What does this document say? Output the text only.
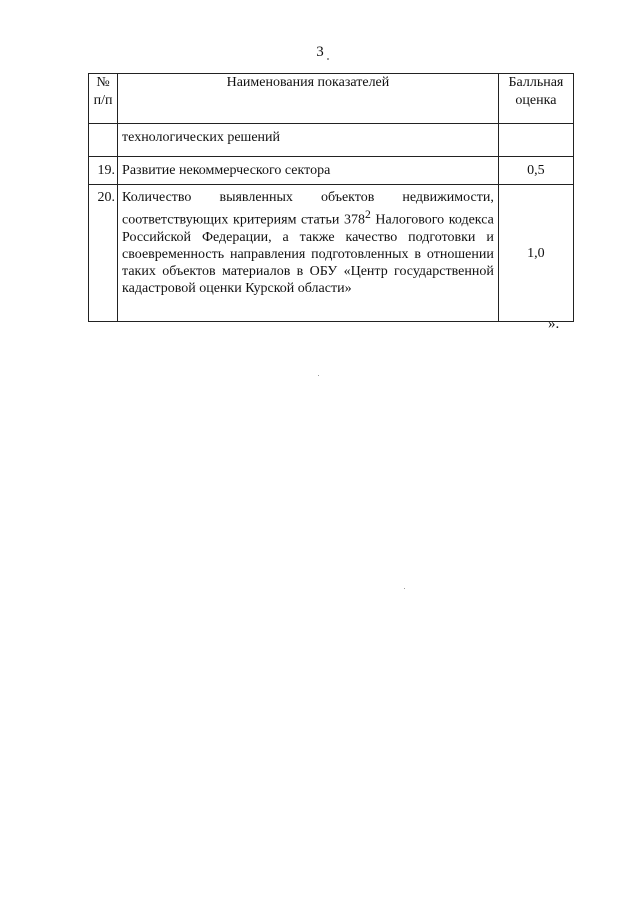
3
№ п/п	Наименования показателей	Балльная оценка
	технологических решений	
19.	Развитие некоммерческого сектора	0,5
20.	Количество выявленных объектов недвижимости, соответствующих критериям статьи $378^2$ Налогового кодекса Российской Федерации, а также качество подготовки и своевременность направления подготовленных в отношении таких объектов материалов в ОБУ «Центр государственной кадастровой оценки Курской области»	1,0
».
